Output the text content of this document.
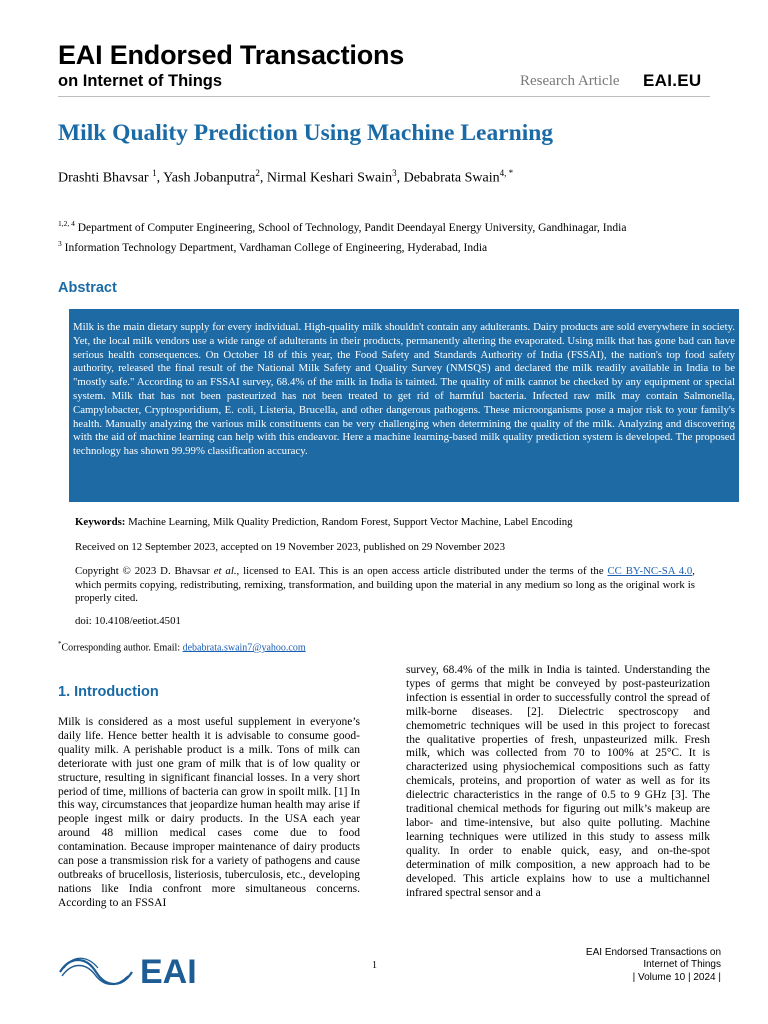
EAI Endorsed Transactions
on Internet of Things	Research Article EAI.EU
Milk Quality Prediction Using Machine Learning
Drashti Bhavsar $^1$, Yash Jobanputra$^2$, Nirmal Keshari Swain$^3$, Debabrata Swain$^{4, *}$
$^{1,2, 4}$ Department of Computer Engineering, School of Technology, Pandit Deendayal Energy University, Gandhinagar, India
$^3$ Information Technology Department, Vardhaman College of Engineering, Hyderabad, India
Abstract

Milk is the main dietary supply for every individual. High-quality milk shouldn't contain any adulterants. Dairy products are sold everywhere in society. Yet, the local milk vendors use a wide range of adulterants in their products, permanently altering the evaporated. Using milk that has gone bad can have serious health consequences. On October 18 of this year, the Food Safety and Standards Authority of India (FSSAI), the nation's top food safety authority, released the final result of the National Milk Safety and Quality Survey (NMSQS) and declared the milk readily available in India to be "mostly safe." According to an FSSAI survey, 68.4% of the milk in India is tainted. The quality of milk cannot be checked by any equipment or special system. Milk that has not been pasteurized has not been treated to get rid of harmful bacteria. Infected raw milk may contain Salmonella, Campylobacter, Cryptosporidium, E. coli, Listeria, Brucella, and other dangerous pathogens. These microorganisms pose a major risk to your family's health. Manually analyzing the various milk constituents can be very challenging when determining the quality of the milk. Analyzing and discovering with the aid of machine learning can help with this endeavor. Here a machine learning-based milk quality prediction system is developed. The proposed technology has shown 99.99% classification accuracy.

Keywords: Machine Learning, Milk Quality Prediction, Random Forest, Support Vector Machine, Label Encoding
Received on 12 September 2023, accepted on 19 November 2023, published on 29 November 2023
Copyright © 2023 D. Bhavsar et al., licensed to EAI. This is an open access article distributed under the terms of the CC BY-NC-SA 4.0, which permits copying, redistributing, remixing, transformation, and building upon the material in any medium so long as the original work is properly cited.
doi: 10.4108/eetiot.4501
*Corresponding author. Email: debabrata.swain7@yahoo.com
1. Introduction

Milk is considered as a most useful supplement in everyone’s daily life. Hence better health it is advisable to consume good-quality milk. A perishable product is a milk. Tons of milk can deteriorate with just one gram of milk that is of low quality or structure, resulting in significant financial losses. In a very short period of time, millions of bacteria can grow in spoilt milk. [1] In this way, circumstances that jeopardize human health may arise if people ingest milk or dairy products. In the USA each year around 48 million medical cases come due to food contamination. Because improper maintenance of dairy products can pose a transmission risk for a variety of pathogens and cause outbreaks of brucellosis, listeriosis, tuberculosis, etc., developing nations like India confront more simultaneous concerns. According to an FSSAI

survey, 68.4% of the milk in India is tainted. Understanding the types of germs that might be conveyed by post-pasteurization infection is essential in order to successfully control the spread of milk-borne diseases. [2]. Dielectric spectroscopy and chemometric techniques will be used in this project to forecast the qualitative properties of fresh, unpasteurized milk. Fresh milk, which was collected from 70 to 100% at 25°C. It is characterized using physiochemical compositions such as fatty chemicals, proteins, and proportion of water as well as for its dielectric characteristics in the range of 0.5 to 9 GHz [3]. The traditional chemical methods for figuring out milk’s makeup are labor- and time-intensive, but also quite polluting. Machine learning techniques were utilized in this study to assess milk quality. In order to enable quick, easy, and on-the-spot determination of milk composition, a new approach had to be developed. This article explains how to use a multichannel infrared spectral sensor and a

EAI	1
EAI Endorsed Transactions on
Internet of Things
| Volume 10 | 2024 |
